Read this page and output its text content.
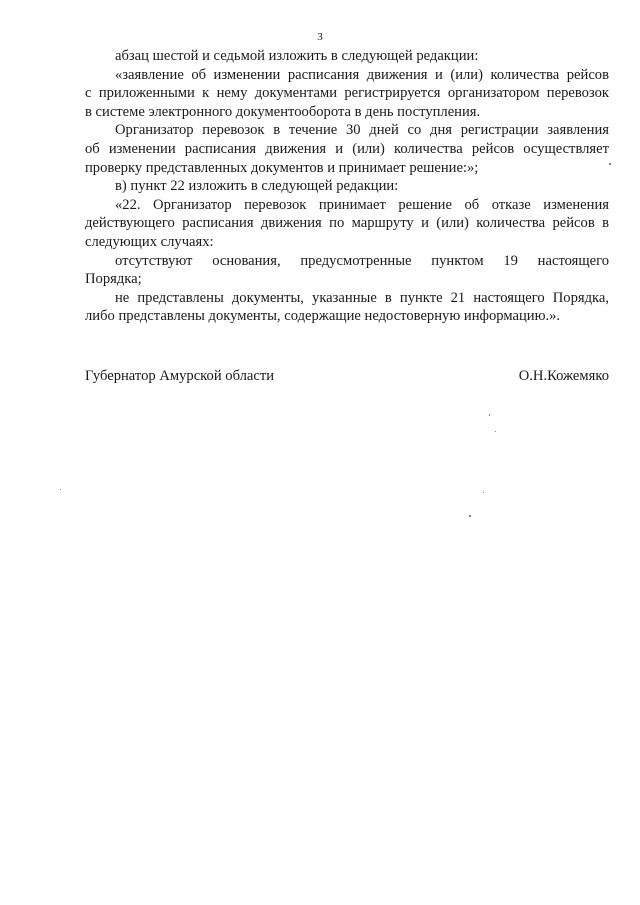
3
абзац шестой и седьмой изложить в следующей редакции:
«заявление об изменении расписания движения и (или) количества рейсов
с приложенными к нему документами регистрируется организатором перевозок
в системе электронного документооборота в день поступления.
Организатор перевозок в течение 30 дней со дня регистрации заявления
об изменении расписания движения и (или) количества рейсов осуществляет
проверку представленных документов и принимает решение:»;
в) пункт 22 изложить в следующей редакции:
«22. Организатор перевозок принимает решение об отказе изменения
действующего расписания движения по маршруту и (или) количества рейсов в
следующих случаях:
отсутствуют основания, предусмотренные пунктом 19 настоящего
Порядка;
не представлены документы, указанные в пункте 21 настоящего Порядка,
либо представлены документы, содержащие недостоверную информацию.».
Губернатор Амурской области	О.Н.Кожемяко
